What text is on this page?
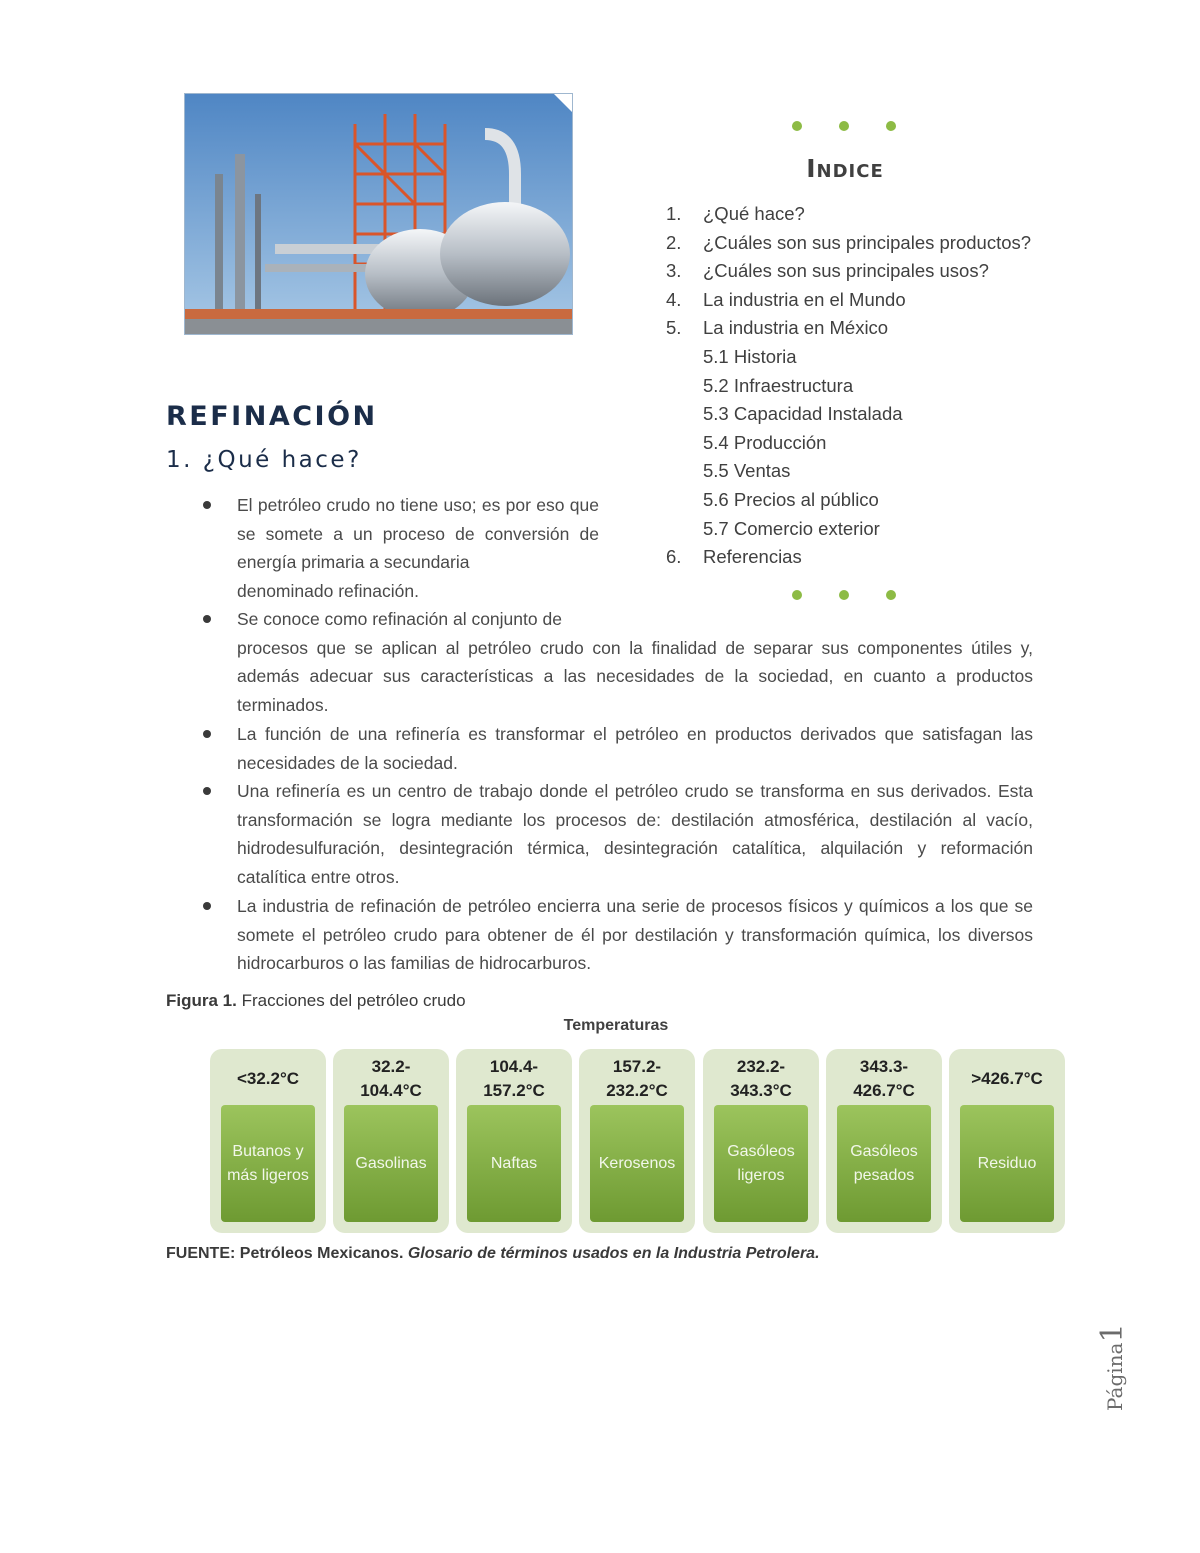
Indice
1. ¿Qué hace?
2. ¿Cuáles son sus principales productos?
3. ¿Cuáles son sus principales usos?
4. La industria en el Mundo
5. La industria en México
5.1 Historia
5.2 Infraestructura
5.3 Capacidad Instalada
5.4 Producción
5.5 Ventas
5.6 Precios al público
5.7 Comercio exterior
6. Referencias
REFINACIÓN
1. ¿Qué hace?
El petróleo crudo no tiene uso; es por eso que se somete a un proceso de conversión de energía primaria a secundaria
denominado refinación.
Se conoce como refinación al conjunto de
procesos que se aplican al petróleo crudo con la finalidad de separar sus componentes útiles y, además adecuar sus características a las necesidades de la sociedad, en cuanto a productos terminados.
La función de una refinería es transformar el petróleo en productos derivados que satisfagan las necesidades de la sociedad.
Una refinería es un centro de trabajo donde el petróleo crudo se transforma en sus derivados. Esta transformación se logra mediante los procesos de: destilación atmosférica, destilación al vacío, hidrodesulfuración, desintegración térmica, desintegración catalítica, alquilación y reformación catalítica entre otros.
La industria de refinación de petróleo encierra una serie de procesos físicos y químicos a los que se somete el petróleo crudo para obtener de él por destilación y transformación química, los diversos hidrocarburos o las familias de hidrocarburos.
Figura 1. Fracciones del petróleo crudo
Temperaturas
<32.2°C
Butanos y más ligeros
32.2-
104.4°C
Gasolinas
104.4-
157.2°C
Naftas
157.2-
232.2°C
Kerosenos
232.2-
343.3°C
Gasóleos ligeros
343.3-
426.7°C
Gasóleos pesados
>426.7°C
Residuo
FUENTE: Petróleos Mexicanos. Glosario de términos usados en la Industria Petrolera.
Página1
